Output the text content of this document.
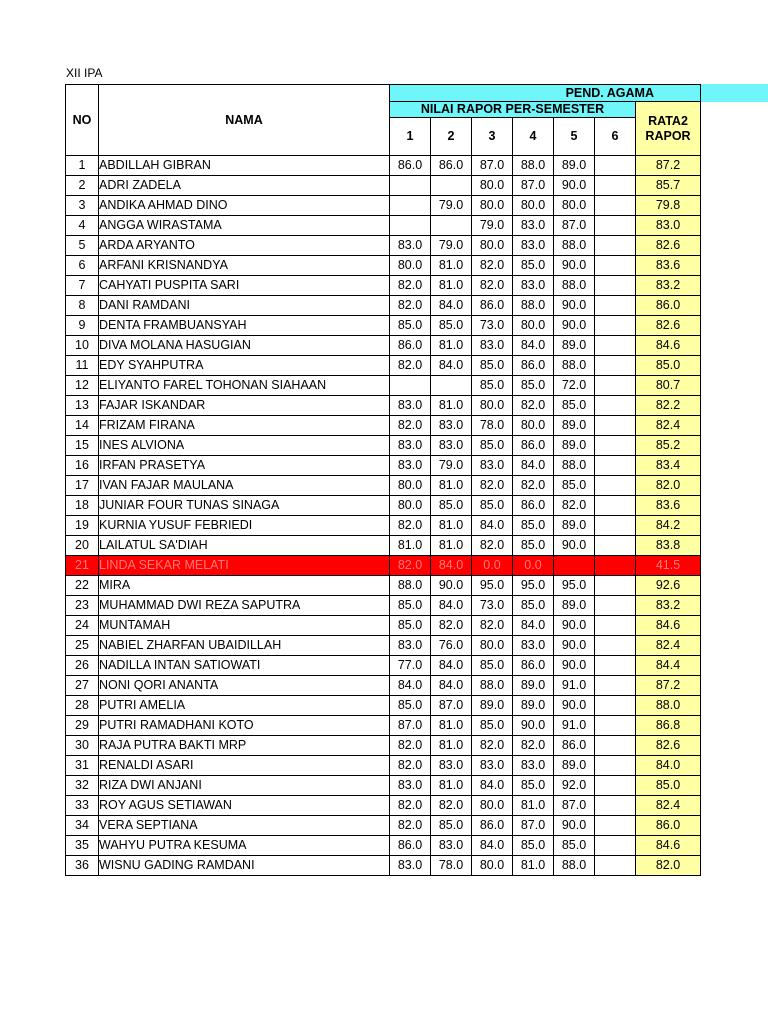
XII IPA
NO	NAMA	PEND. AGAMA						
		NILAI RAPOR PER-SEMESTER						RATA2
RAPOR

		1	2	3	4	5	6	
1	ABDILLAH GIBRAN	86.0	86.0	87.0	88.0	89.0		87.2
2	ADRI ZADELA			80.0	87.0	90.0		85.7
3	ANDIKA AHMAD DINO		79.0	80.0	80.0	80.0		79.8
4	ANGGA WIRASTAMA			79.0	83.0	87.0		83.0
5	ARDA ARYANTO	83.0	79.0	80.0	83.0	88.0		82.6
6	ARFANI KRISNANDYA	80.0	81.0	82.0	85.0	90.0		83.6
7	CAHYATI PUSPITA SARI	82.0	81.0	82.0	83.0	88.0		83.2
8	DANI RAMDANI	82.0	84.0	86.0	88.0	90.0		86.0
9	DENTA FRAMBUANSYAH	85.0	85.0	73.0	80.0	90.0		82.6
10	DIVA MOLANA HASUGIAN	86.0	81.0	83.0	84.0	89.0		84.6
11	EDY SYAHPUTRA	82.0	84.0	85.0	86.0	88.0		85.0
12	ELIYANTO FAREL TOHONAN SIAHAAN			85.0	85.0	72.0		80.7
13	FAJAR ISKANDAR	83.0	81.0	80.0	82.0	85.0		82.2
14	FRIZAM FIRANA	82.0	83.0	78.0	80.0	89.0		82.4
15	INES ALVIONA	83.0	83.0	85.0	86.0	89.0		85.2
16	IRFAN PRASETYA	83.0	79.0	83.0	84.0	88.0		83.4
17	IVAN FAJAR MAULANA	80.0	81.0	82.0	82.0	85.0		82.0
18	JUNIAR FOUR TUNAS SINAGA	80.0	85.0	85.0	86.0	82.0		83.6
19	KURNIA YUSUF FEBRIEDI	82.0	81.0	84.0	85.0	89.0		84.2
20	LAILATUL SA'DIAH	81.0	81.0	82.0	85.0	90.0		83.8
21	LINDA SEKAR MELATI	82.0	84.0	0.0	0.0			41.5
22	MIRA	88.0	90.0	95.0	95.0	95.0		92.6
23	MUHAMMAD DWI REZA SAPUTRA	85.0	84.0	73.0	85.0	89.0		83.2
24	MUNTAMAH	85.0	82.0	82.0	84.0	90.0		84.6
25	NABIEL ZHARFAN UBAIDILLAH	83.0	76.0	80.0	83.0	90.0		82.4
26	NADILLA INTAN SATIOWATI	77.0	84.0	85.0	86.0	90.0		84.4
27	NONI QORI ANANTA	84.0	84.0	88.0	89.0	91.0		87.2
28	PUTRI AMELIA	85.0	87.0	89.0	89.0	90.0		88.0
29	PUTRI RAMADHANI KOTO	87.0	81.0	85.0	90.0	91.0		86.8
30	RAJA PUTRA BAKTI MRP	82.0	81.0	82.0	82.0	86.0		82.6
31	RENALDI ASARI	82.0	83.0	83.0	83.0	89.0		84.0
32	RIZA DWI ANJANI	83.0	81.0	84.0	85.0	92.0		85.0
33	ROY AGUS SETIAWAN	82.0	82.0	80.0	81.0	87.0		82.4
34	VERA SEPTIANA	82.0	85.0	86.0	87.0	90.0		86.0
35	WAHYU PUTRA KESUMA	86.0	83.0	84.0	85.0	85.0		84.6
36	WISNU GADING RAMDANI	83.0	78.0	80.0	81.0	88.0		82.0
